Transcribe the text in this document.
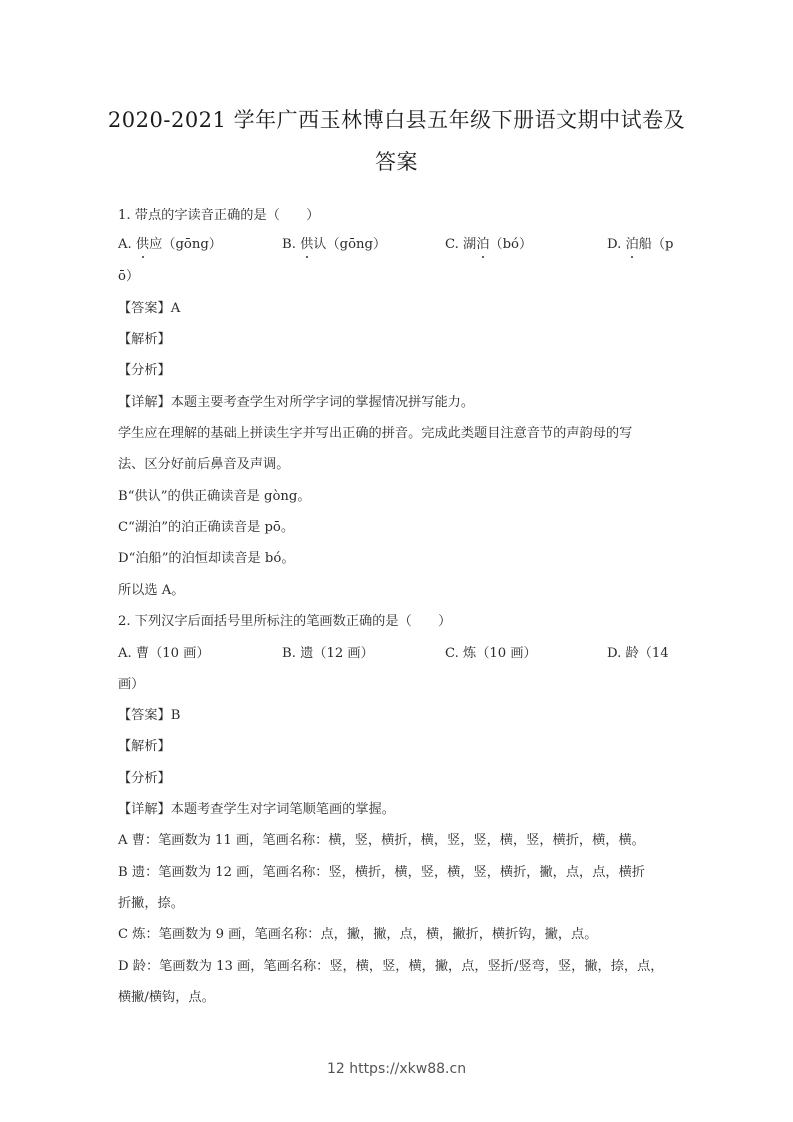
2020-2021 学年广西玉林博白县五年级下册语文期中试卷及
答案
1. 带点的字读音正确的是（　　）
A. 供应（gōng）	B. 供认（gōng）	C. 湖泊（bó）	D. 泊船（p
ō）
【答案】A
【解析】
【分析】
【详解】本题主要考查学生对所学字词的掌握情况拼写能力。
学生应在理解的基础上拼读生字并写出正确的拼音。完成此类题目注意音节的声韵母的写
法、区分好前后鼻音及声调。
B“供认”的供正确读音是 gòng。
C“湖泊”的泊正确读音是 pō。
D“泊船”的泊恒却读音是 bó。
所以选 A。
2. 下列汉字后面括号里所标注的笔画数正确的是（　　）
A. 曹（10 画）	B. 遗（12 画）	C. 炼（10 画）	D. 龄（14
画）
【答案】B
【解析】
【分析】
【详解】本题考查学生对字词笔顺笔画的掌握。
A 曹：笔画数为 11 画，笔画名称：横，竖，横折，横，竖，竖，横，竖，横折，横，横。
B 遗：笔画数为 12 画，笔画名称：竖，横折，横，竖，横，竖，横折，撇，点，点，横折
折撇，捺。
C 炼：笔画数为 9 画，笔画名称：点，撇，撇，点，横，撇折，横折钩，撇，点。
D 龄：笔画数为 13 画，笔画名称：竖，横，竖，横，撇，点，竖折/竖弯，竖，撇，捺，点，
横撇/横钩，点。
12 https://xkw88.cn
